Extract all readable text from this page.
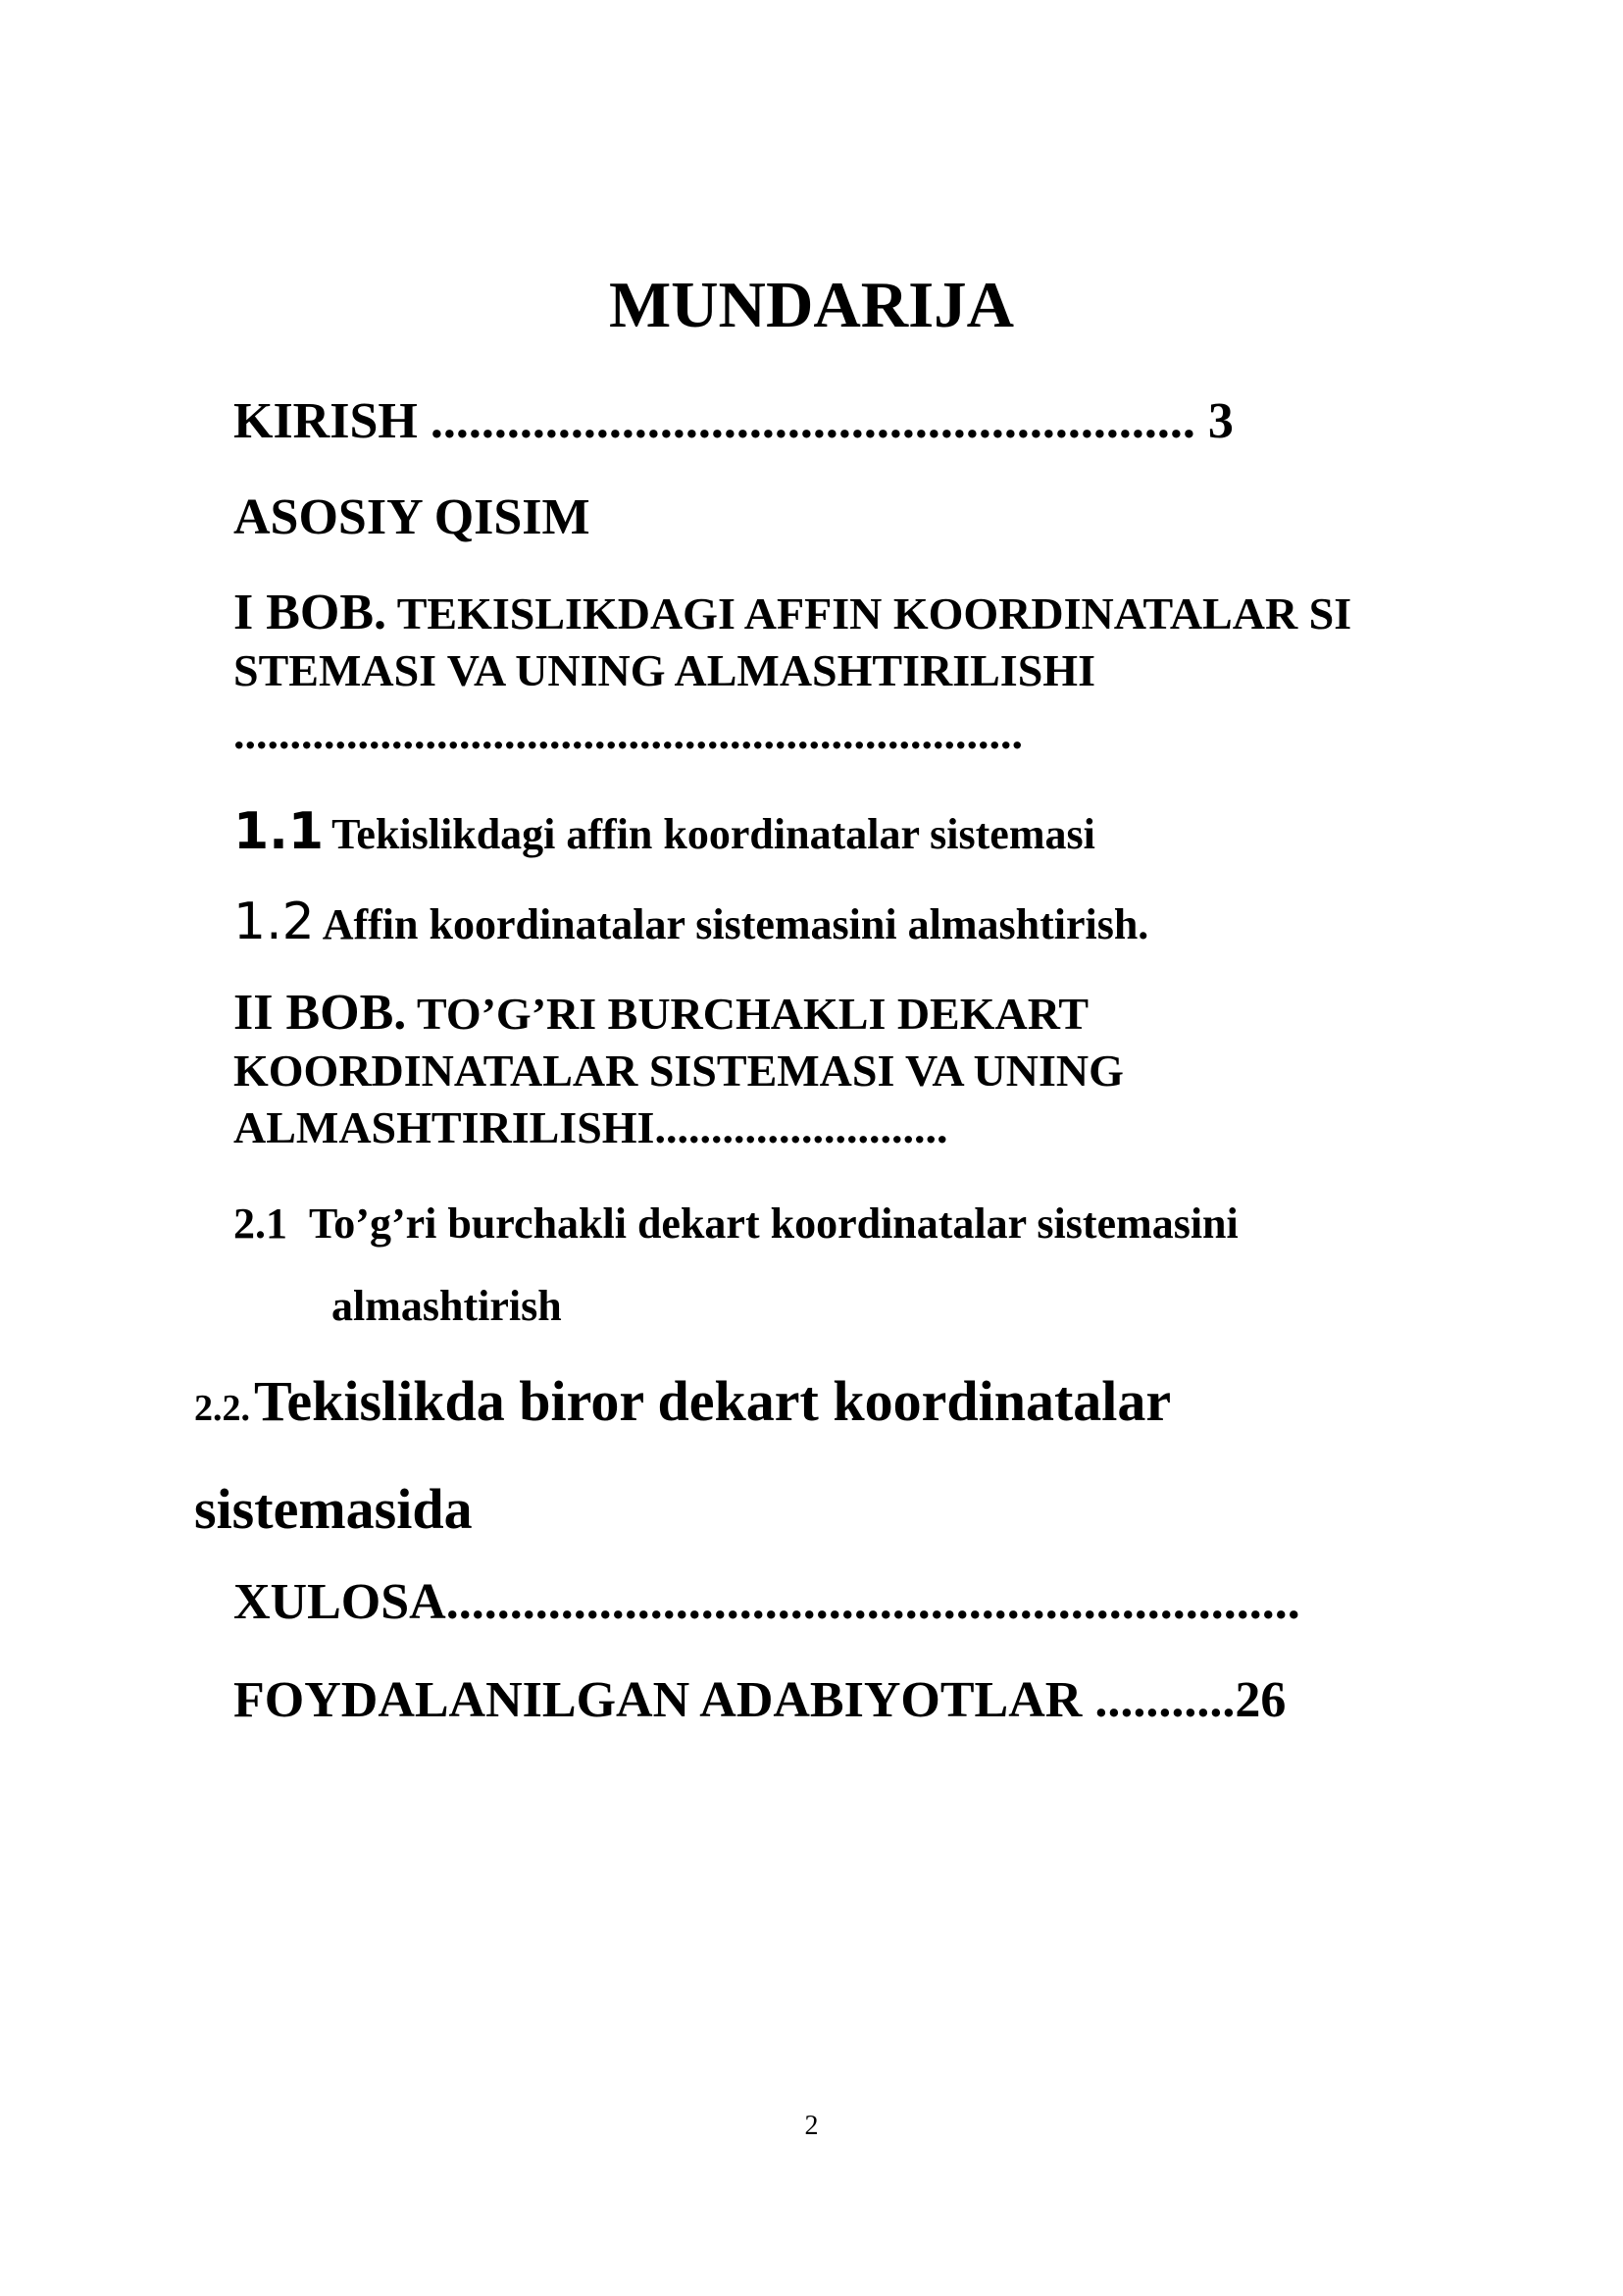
MUNDARIJA
KIRISH ............................................................ 3
ASOSIY QISIM
I BOB. TEKISLIKDAGI AFFIN KOORDINATALAR SI
STEMASI VA UNING ALMASHTIRILISHI
......................................................................
1.1 Tekislikdagi affin koordinatalar sistemasi
1.2 Affin koordinatalar sistemasini almashtirish.
II BOB. TO’G’RI BURCHAKLI DEKART
KOORDINATALAR SISTEMASI VA UNING
ALMASHTIRILISHI..........................
2.1 To’g’ri burchakli dekart koordinatalar sistemasini
almashtirish
2.2. Tekislikda biror dekart koordinatalar
sistemasida
XULOSA...................................................................
FOYDALANILGAN ADABIYOTLAR ...........26
2
